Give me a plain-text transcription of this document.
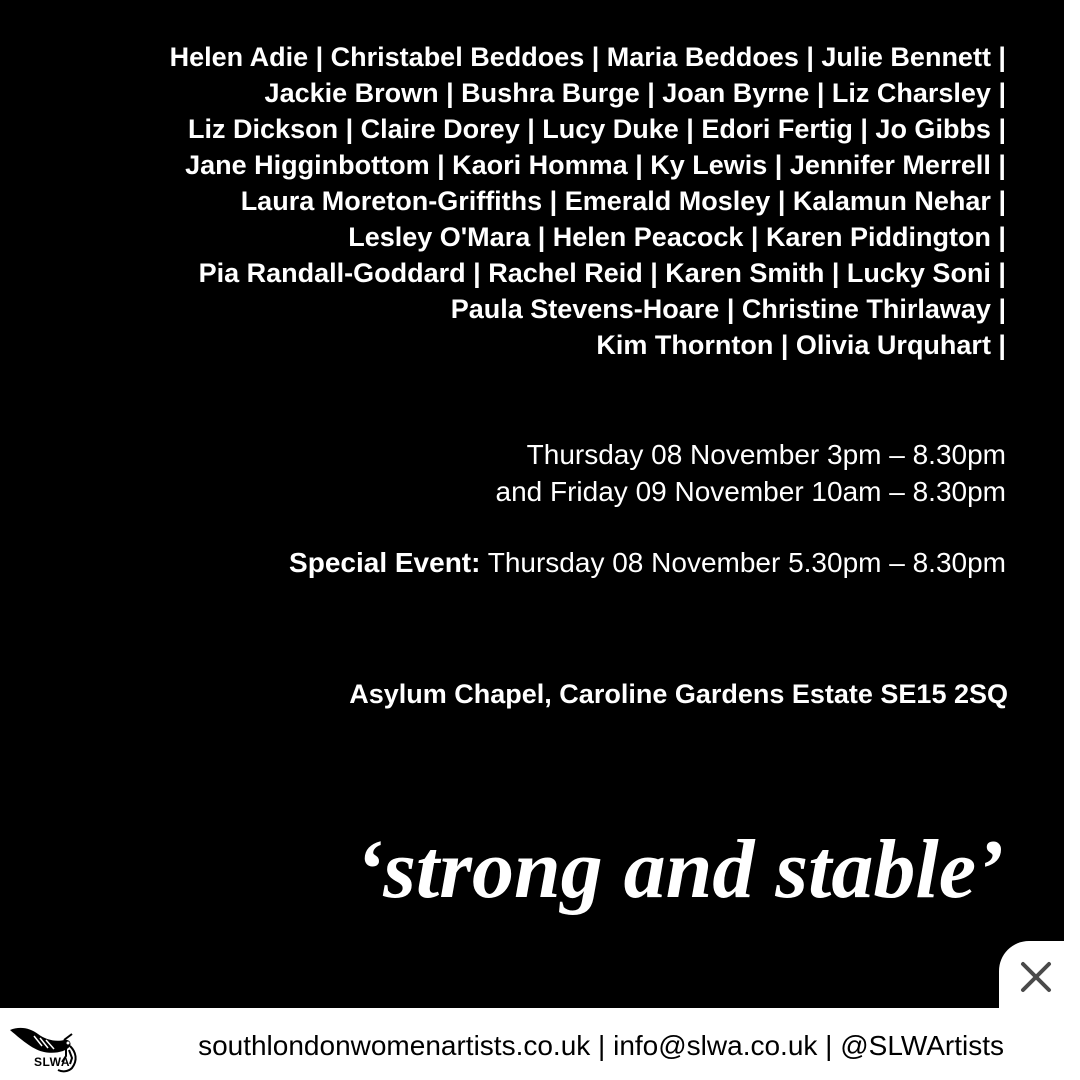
Helen Adie | Christabel Beddoes | Maria Beddoes | Julie Bennett |
Jackie Brown | Bushra Burge | Joan Byrne | Liz Charsley |
Liz Dickson | Claire Dorey | Lucy Duke | Edori Fertig | Jo Gibbs |
Jane Higginbottom | Kaori Homma | Ky Lewis | Jennifer Merrell |
Laura Moreton-Griffiths | Emerald Mosley | Kalamun Nehar |
Lesley O'Mara | Helen Peacock | Karen Piddington |
Pia Randall-Goddard | Rachel Reid | Karen Smith | Lucky Soni |
Paula Stevens-Hoare | Christine Thirlaway |
Kim Thornton | Olivia Urquhart |
Thursday 08 November 3pm – 8.30pm
and Friday 09 November 10am – 8.30pm
Special Event: Thursday 08 November 5.30pm – 8.30pm
Asylum Chapel, Caroline Gardens Estate SE15 2SQ
‘strong and stable’
SLWA
southlondonwomenartists.co.uk | info@slwa.co.uk | @SLWArtists
